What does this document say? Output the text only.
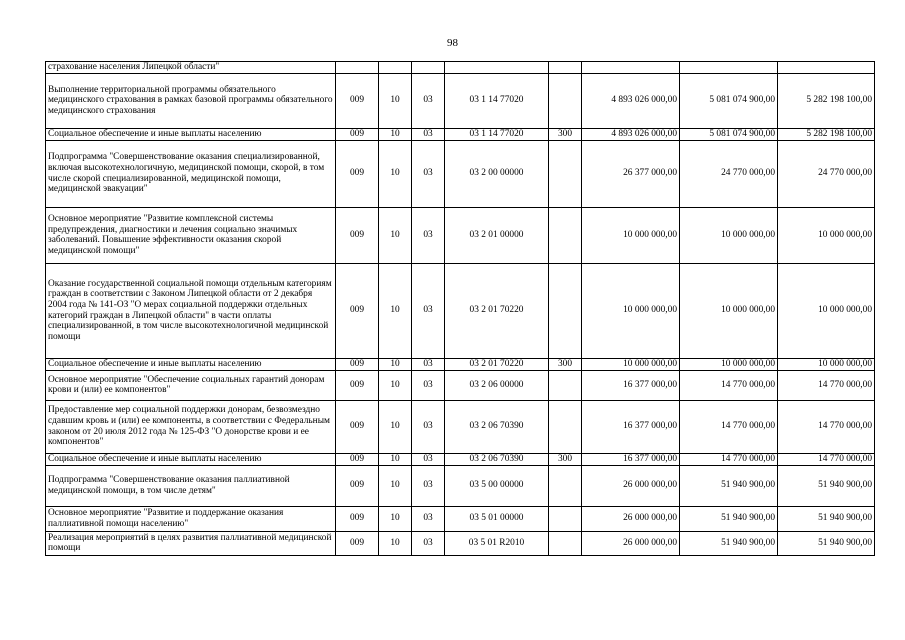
98
страхование населения Липецкой области"								
Выполнение территориальной программы обязательного медицинского страхования в рамках базовой программы обязательного медицинского страхования	009	10	03	03 1 14 77020		4 893 026 000,00	5 081 074 900,00	5 282 198 100,00
Социальное обеспечение и иные выплаты населению	009	10	03	03 1 14 77020	300	4 893 026 000,00	5 081 074 900,00	5 282 198 100,00
Подпрограмма "Совершенствование оказания специализированной, включая высокотехнологичную, медицинской помощи, скорой, в том числе скорой специализированной, медицинской помощи, медицинской эвакуации"	009	10	03	03 2 00 00000		26 377 000,00	24 770 000,00	24 770 000,00
Основное мероприятие "Развитие комплексной системы предупреждения, диагностики и лечения социально значимых заболеваний. Повышение эффективности оказания скорой медицинской помощи"	009	10	03	03 2 01 00000		10 000 000,00	10 000 000,00	10 000 000,00
Оказание государственной социальной помощи отдельным категориям граждан в соответствии с Законом Липецкой области от 2 декабря 2004 года № 141-ОЗ "О мерах социальной поддержки отдельных категорий граждан в Липецкой области" в части оплаты специализированной, в том числе высокотехнологичной медицинской помощи	009	10	03	03 2 01 70220		10 000 000,00	10 000 000,00	10 000 000,00
Социальное обеспечение и иные выплаты населению	009	10	03	03 2 01 70220	300	10 000 000,00	10 000 000,00	10 000 000,00
Основное мероприятие "Обеспечение социальных гарантий донорам крови и (или) ее компонентов"	009	10	03	03 2 06 00000		16 377 000,00	14 770 000,00	14 770 000,00
Предоставление мер социальной поддержки донорам, безвозмездно сдавшим кровь и (или) ее компоненты, в соответствии с Федеральным законом от 20 июля 2012 года № 125-ФЗ "О донорстве крови и ее компонентов"	009	10	03	03 2 06 70390		16 377 000,00	14 770 000,00	14 770 000,00
Социальное обеспечение и иные выплаты населению	009	10	03	03 2 06 70390	300	16 377 000,00	14 770 000,00	14 770 000,00
Подпрограмма "Совершенствование оказания паллиативной медицинской помощи, в том числе детям"	009	10	03	03 5 00 00000		26 000 000,00	51 940 900,00	51 940 900,00
Основное мероприятие "Развитие и поддержание оказания паллиативной помощи населению"	009	10	03	03 5 01 00000		26 000 000,00	51 940 900,00	51 940 900,00
Реализация мероприятий в целях развития паллиативной медицинской помощи	009	10	03	03 5 01 R2010		26 000 000,00	51 940 900,00	51 940 900,00
